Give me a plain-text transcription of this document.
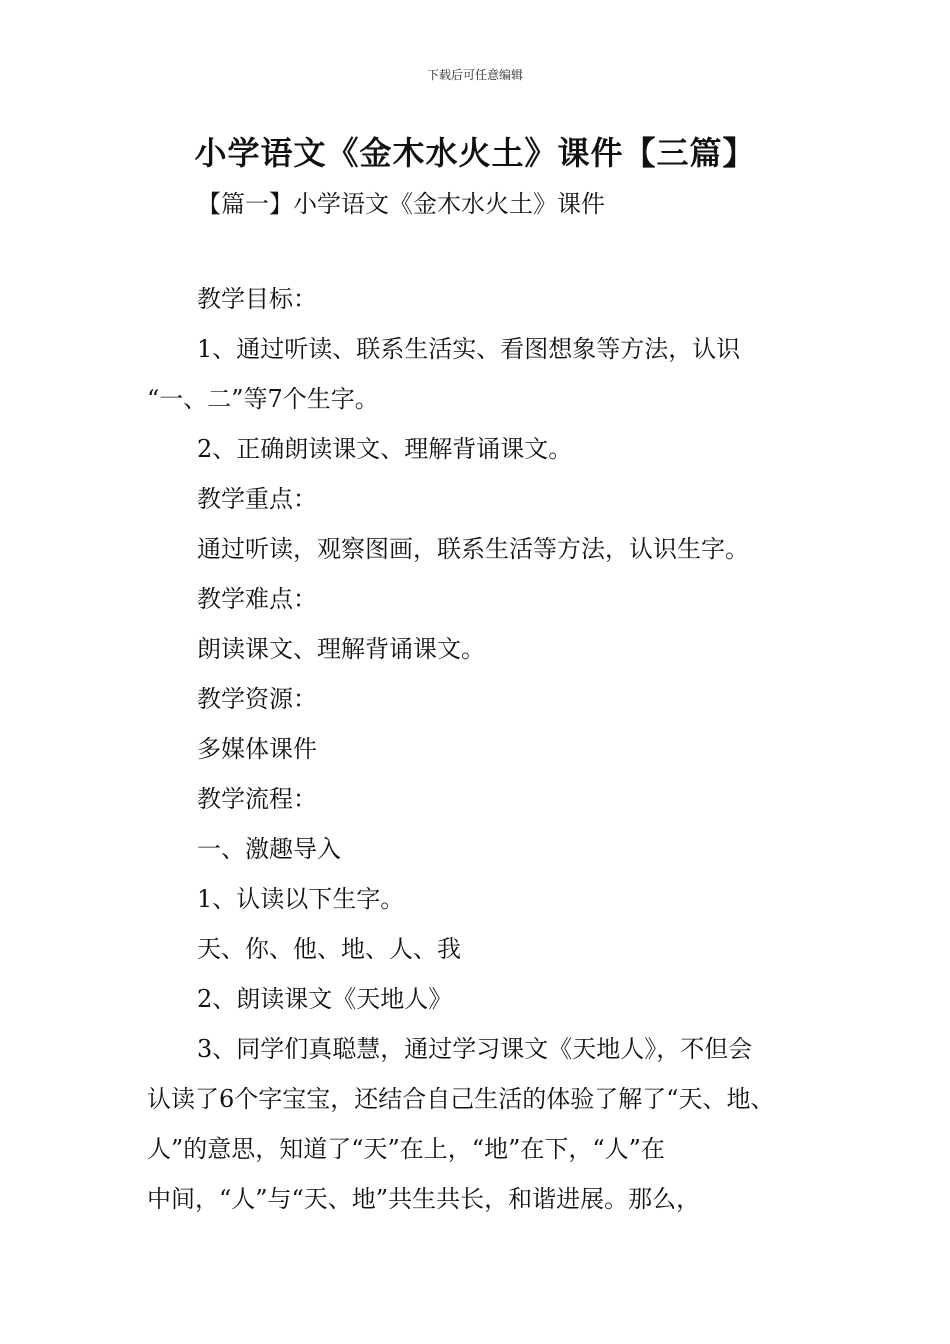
下载后可任意编辑
小学语文《金木水火土》课件【三篇】

【篇一】小学语文《金木水火土》课件

教学目标：

1、通过听读、联系生活实、看图想象等方法，认识

“一、二”等7个生字。

2、正确朗读课文、理解背诵课文。

教学重点：

通过听读，观察图画，联系生活等方法，认识生字。

教学难点：

朗读课文、理解背诵课文。

教学资源：

多媒体课件

教学流程：

一、激趣导入

1、认读以下生字。

天、你、他、地、人、我

2、朗读课文《天地人》

3、同学们真聪慧，通过学习课文《天地人》，不但会

认读了6个字宝宝，还结合自己生活的体验了解了“天、地、

人”的意思，知道了“天”在上，“地”在下，“人”在

中间，“人”与“天、地”共生共长，和谐进展。那么，
